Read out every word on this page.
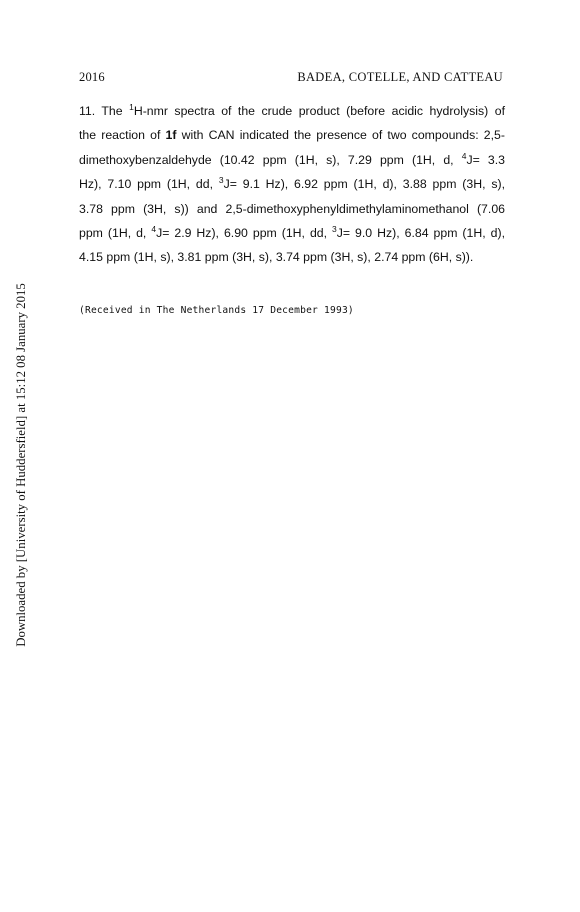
2016	BADEA, COTELLE, AND CATTEAU
11. The $^1$H-nmr spectra of the crude product (before acidic hydrolysis) of
the reaction of 1f with CAN indicated the presence of two compounds: 2,5-
dimethoxybenzaldehyde (10.42 ppm (1H, s), 7.29 ppm (1H, d, $^4$J= 3.3
Hz), 7.10 ppm (1H, dd, $^3$J= 9.1 Hz), 6.92 ppm (1H, d), 3.88 ppm (3H, s),
3.78 ppm (3H, s)) and 2,5-dimethoxyphenyldimethylaminomethanol (7.06
ppm (1H, d, $^4$J= 2.9 Hz), 6.90 ppm (1H, dd, $^3$J= 9.0 Hz), 6.84 ppm (1H, d),
4.15 ppm (1H, s), 3.81 ppm (3H, s), 3.74 ppm (3H, s), 2.74 ppm (6H, s)).
(Received in The Netherlands 17 December 1993)
Downloaded by [University of Huddersfield] at 15:12 08 January 2015
